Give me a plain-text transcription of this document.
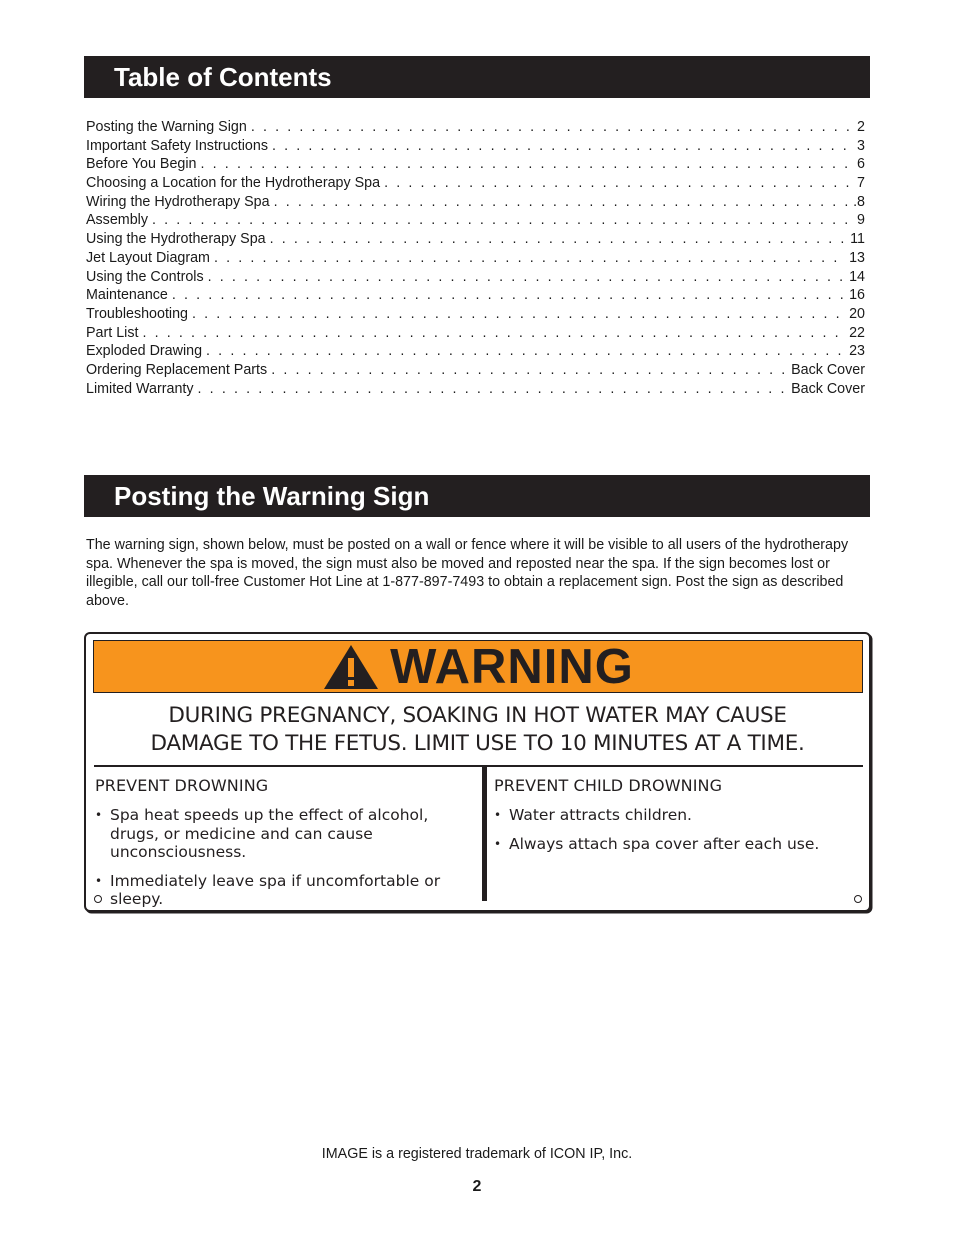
Table of Contents
Posting the Warning Sign . . .	2
Important Safety Instructions . . .	3
Before You Begin . . .	6
Choosing a Location for the Hydrotherapy Spa . . .	7
Wiring the Hydrotherapy Spa . . .	.8
Assembly . . .	9
Using the Hydrotherapy Spa . . .	11
Jet Layout Diagram . . .	13
Using the Controls . . .	14
Maintenance . . .	16
Troubleshooting . . .	20
Part List . . .	22
Exploded Drawing . . .	23
Ordering Replacement Parts . . .	Back Cover
Limited Warranty . . .	Back Cover
Posting the Warning Sign
The warning sign, shown below, must be posted on a wall or fence where it will be visible to all users of the hydrotherapy spa. Whenever the spa is moved, the sign must also be moved and reposted near the spa. If the sign becomes lost or illegible, call our toll-free Customer Hot Line at 1-877-897-7493 to obtain a replacement sign. Post the sign as described above.
WARNING
DURING PREGNANCY, SOAKING IN HOT WATER MAY CAUSE
DAMAGE TO THE FETUS. LIMIT USE TO 10 MINUTES AT A TIME.
PREVENT DROWNING
• Spa heat speeds up the effect of alcohol, drugs, or medicine and can cause unconsciousness.
• Immediately leave spa if uncomfortable or sleepy.
PREVENT CHILD DROWNING
• Water attracts children.
• Always attach spa cover after each use.
IMAGE is a registered trademark of ICON IP, Inc.
2
